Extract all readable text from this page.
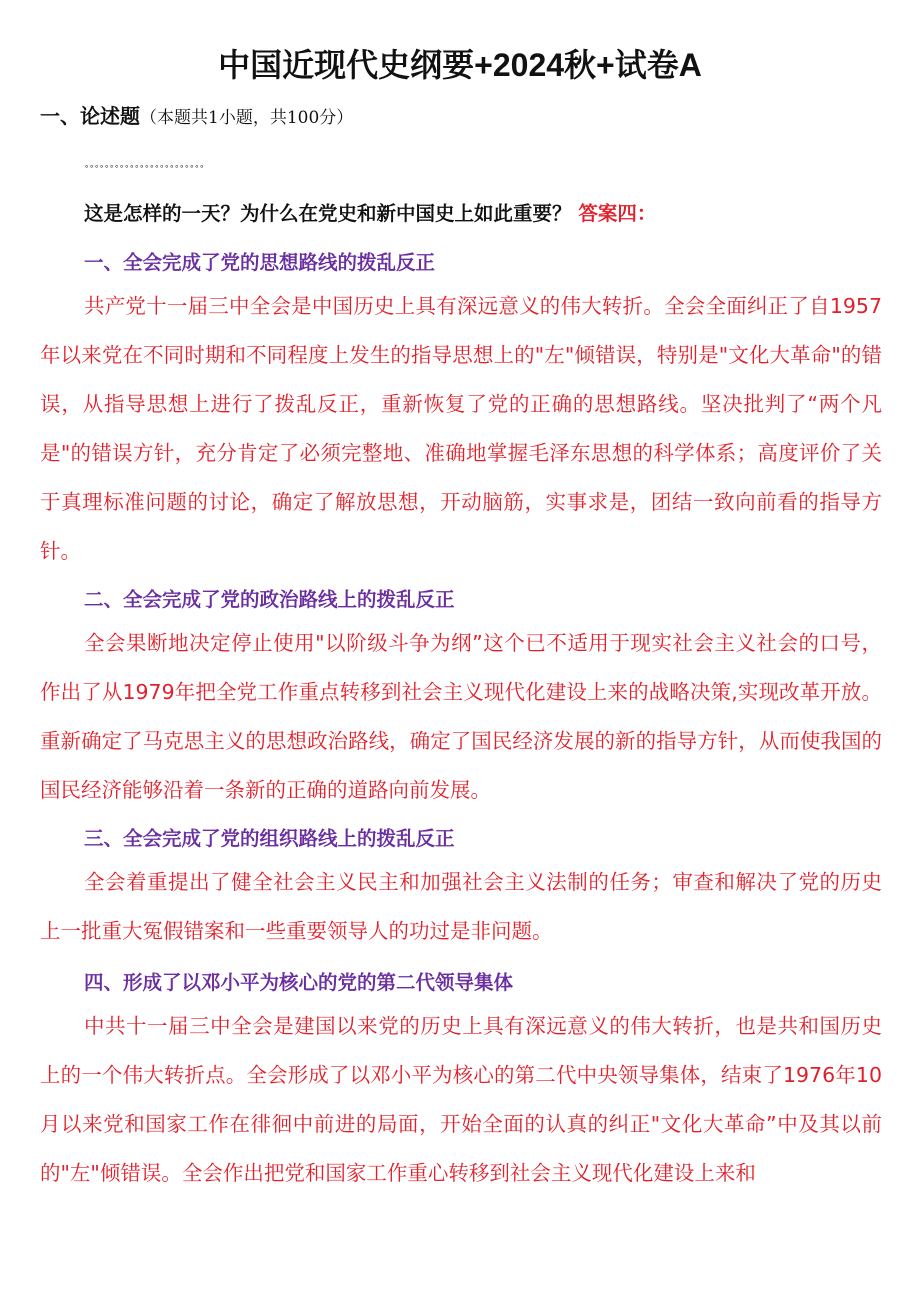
中国近现代史纲要+2024秋+试卷A
一、论述题（本题共1小题，共100分）
∘∘∘∘∘∘∘∘∘∘∘∘∘∘∘∘∘∘∘∘∘∘∘∘

这是怎样的一天？为什么在党史和新中国史上如此重要？ 答案四：

一、全会完成了党的思想路线的拨乱反正

共产党十一届三中全会是中国历史上具有深远意义的伟大转折。全会全面纠正了自1957年以来党在不同时期和不同程度上发生的指导思想上的"左"倾错误，特别是"文化大革命"的错误，从指导思想上进行了拨乱反正，重新恢复了党的正确的思想路线。坚决批判了“两个凡是"的错误方针，充分肯定了必须完整地、准确地掌握毛泽东思想的科学体系；高度评价了关于真理标准问题的讨论，确定了解放思想，开动脑筋，实事求是，团结一致向前看的指导方针。

二、全会完成了党的政治路线上的拨乱反正

全会果断地决定停止使用"以阶级斗争为纲”这个已不适用于现实社会主义社会的口号，作出了从1979年把全党工作重点转移到社会主义现代化建设上来的战略决策,实现改革开放。重新确定了马克思主义的思想政治路线，确定了国民经济发展的新的指导方针，从而使我国的国民经济能够沿着一条新的正确的道路向前发展。

三、全会完成了党的组织路线上的拨乱反正

全会着重提出了健全社会主义民主和加强社会主义法制的任务；审查和解决了党的历史上一批重大冤假错案和一些重要领导人的功过是非问题。

四、形成了以邓小平为核心的党的第二代领导集体

中共十一届三中全会是建国以来党的历史上具有深远意义的伟大转折，也是共和国历史上的一个伟大转折点。全会形成了以邓小平为核心的第二代中央领导集体，结束了1976年10月以来党和国家工作在徘徊中前进的局面，开始全面的认真的纠正"文化大革命”中及其以前的"左"倾错误。全会作出把党和国家工作重心转移到社会主义现代化建设上来和
